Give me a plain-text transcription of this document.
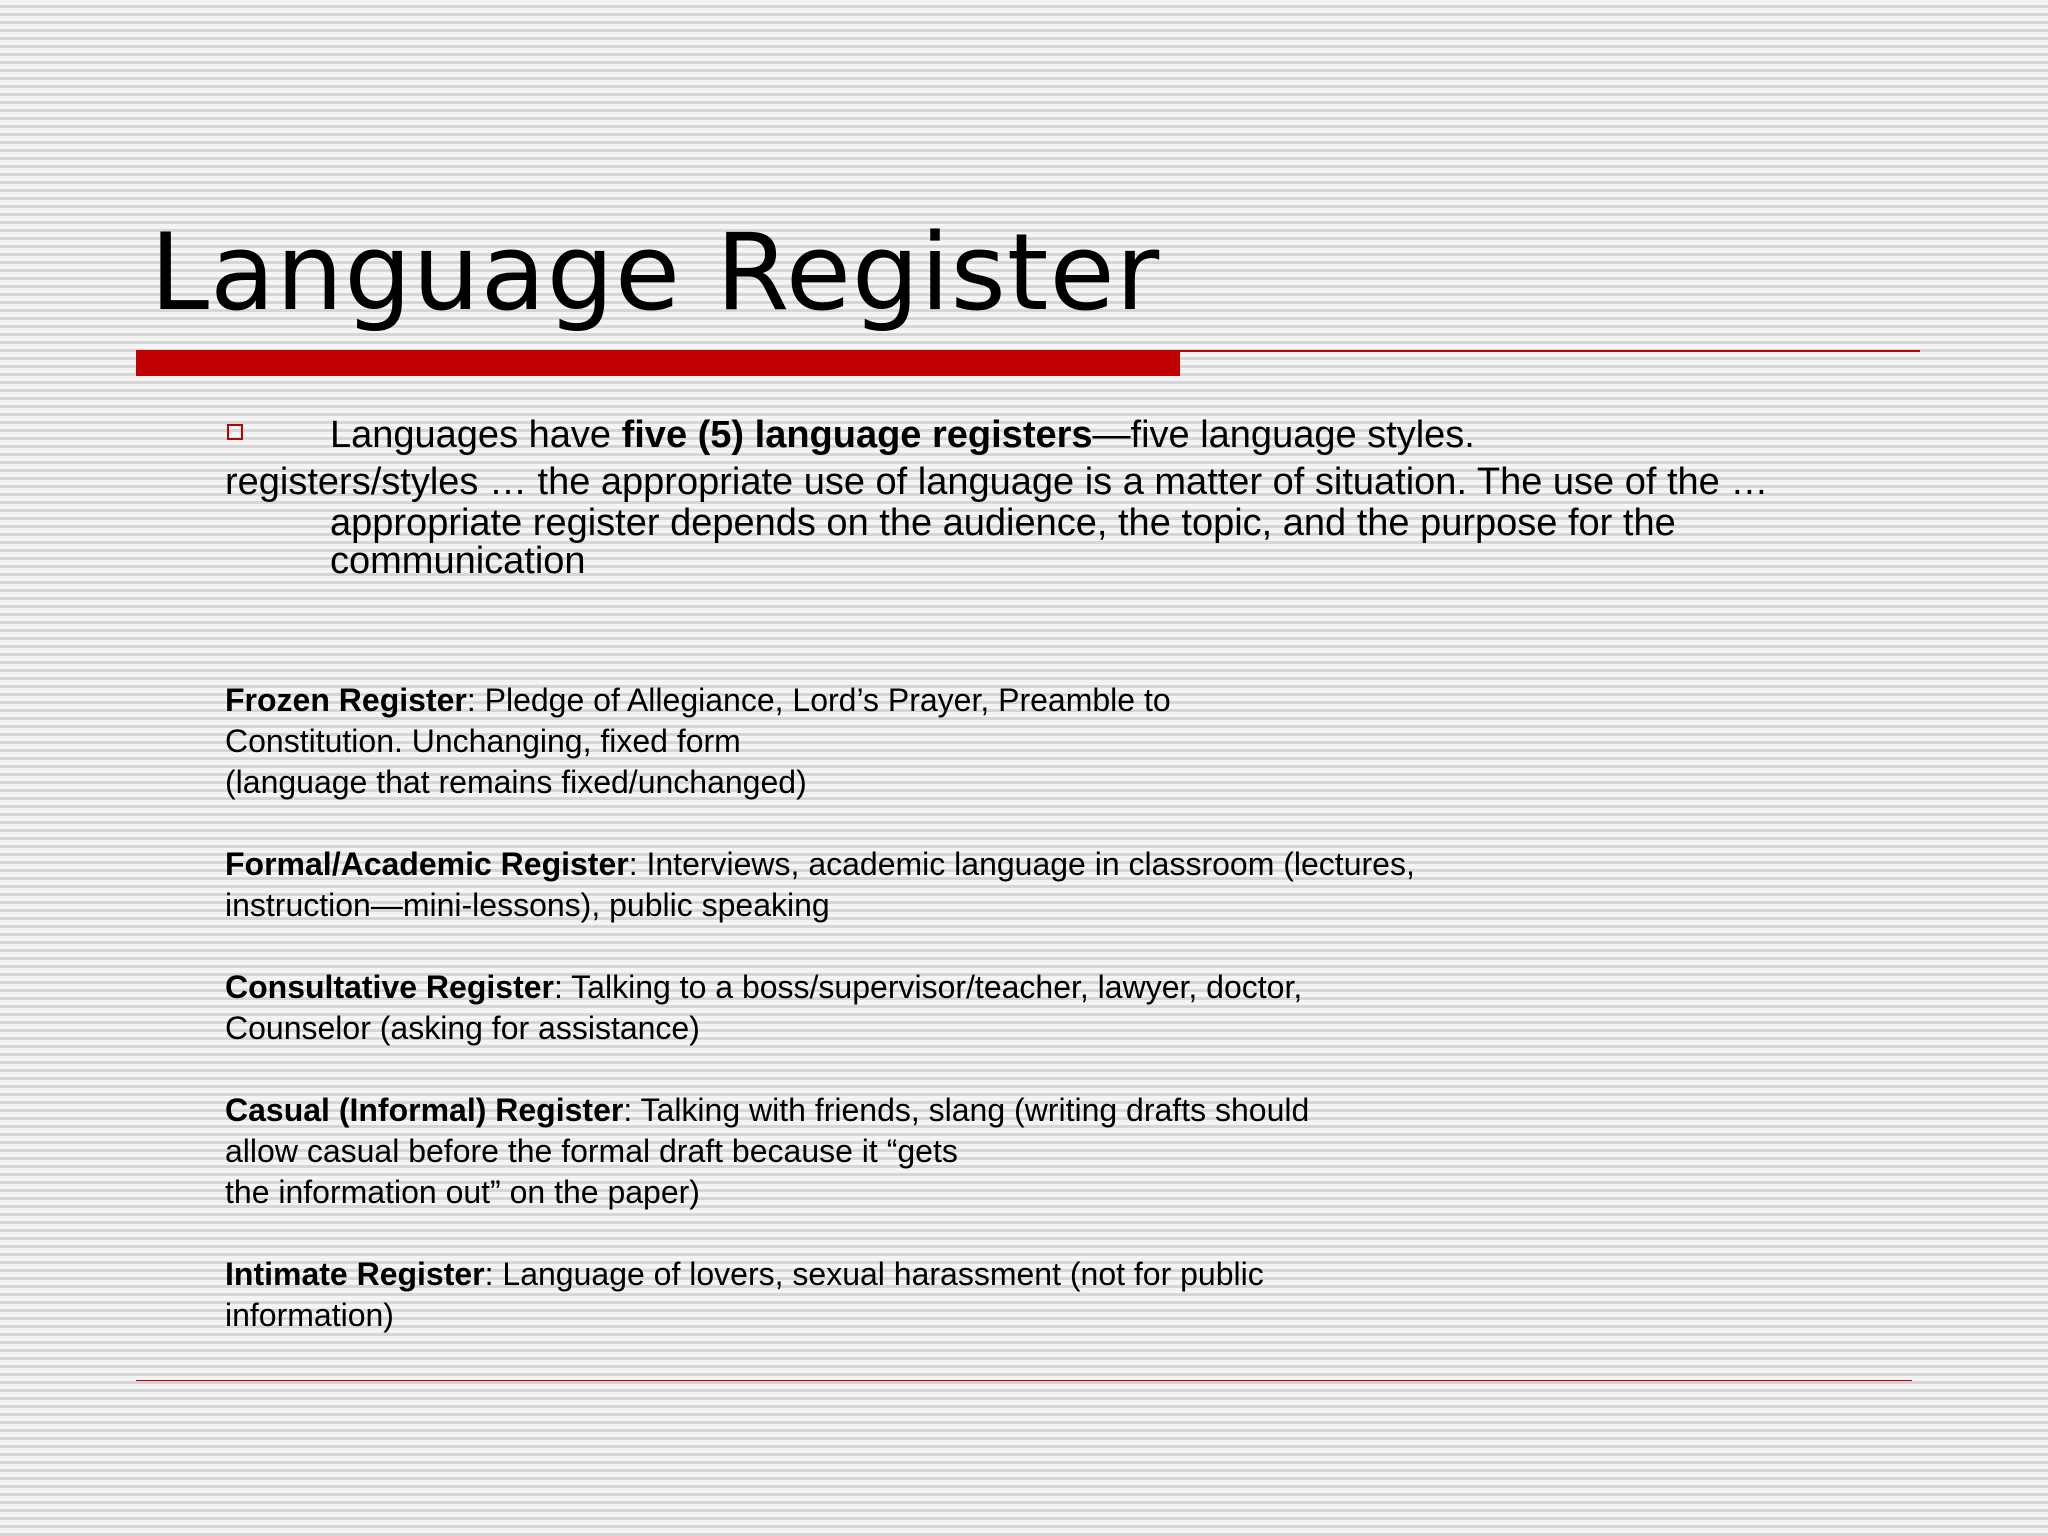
Language Register
Languages have five (5) language registers—five language styles.
registers/styles … the appropriate use of language is a matter of situation. The use of the …
appropriate register depends on the audience, the topic, and the purpose for the communication

Frozen Register: Pledge of Allegiance, Lord’s Prayer, Preamble to

Constitution. Unchanging, fixed form

(language that remains fixed/unchanged)

Formal/Academic Register: Interviews, academic language in classroom (lectures,

instruction—mini-lessons), public speaking

Consultative Register: Talking to a boss/supervisor/teacher, lawyer, doctor,

Counselor (asking for assistance)

Casual (Informal) Register: Talking with friends, slang (writing drafts should

allow casual before the formal draft because it “gets

the information out” on the paper)

Intimate Register: Language of lovers, sexual harassment (not for public

information)
